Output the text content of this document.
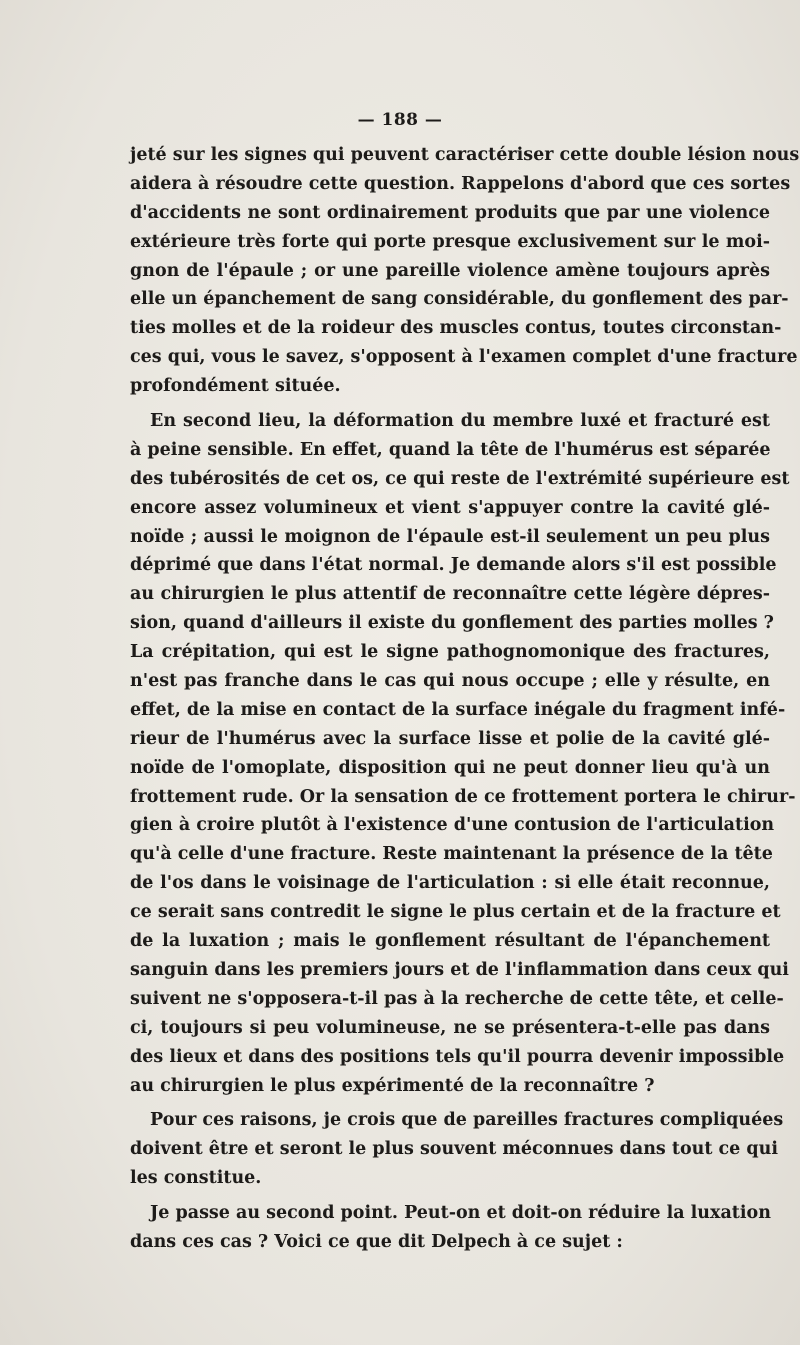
— 188 —
jeté sur les signes qui peuvent caractériser cette double lésion nous
aidera à résoudre cette question. Rappelons d'abord que ces sortes
d'accidents ne sont ordinairement produits que par une violence
extérieure très forte qui porte presque exclusivement sur le moi-
gnon de l'épaule ; or une pareille violence amène toujours après
elle un épanchement de sang considérable, du gonflement des par-
ties molles et de la roideur des muscles contus, toutes circonstan-
ces qui, vous le savez, s'opposent à l'examen complet d'une fracture
profondément située.
En second lieu, la déformation du membre luxé et fracturé est
à peine sensible. En effet, quand la tête de l'humérus est séparée
des tubérosités de cet os, ce qui reste de l'extrémité supérieure est
encore assez volumineux et vient s'appuyer contre la cavité glé-
noïde ; aussi le moignon de l'épaule est-il seulement un peu plus
déprimé que dans l'état normal. Je demande alors s'il est possible
au chirurgien le plus attentif de reconnaître cette légère dépres-
sion, quand d'ailleurs il existe du gonflement des parties molles ?
La crépitation, qui est le signe pathognomonique des fractures,
n'est pas franche dans le cas qui nous occupe ; elle y résulte, en
effet, de la mise en contact de la surface inégale du fragment infé-
rieur de l'humérus avec la surface lisse et polie de la cavité glé-
noïde de l'omoplate, disposition qui ne peut donner lieu qu'à un
frottement rude. Or la sensation de ce frottement portera le chirur-
gien à croire plutôt à l'existence d'une contusion de l'articulation
qu'à celle d'une fracture. Reste maintenant la présence de la tête
de l'os dans le voisinage de l'articulation : si elle était reconnue,
ce serait sans contredit le signe le plus certain et de la fracture et
de la luxation ; mais le gonflement résultant de l'épanchement
sanguin dans les premiers jours et de l'inflammation dans ceux qui
suivent ne s'opposera-t-il pas à la recherche de cette tête, et celle-
ci, toujours si peu volumineuse, ne se présentera-t-elle pas dans
des lieux et dans des positions tels qu'il pourra devenir impossible
au chirurgien le plus expérimenté de la reconnaître ?
Pour ces raisons, je crois que de pareilles fractures compliquées
doivent être et seront le plus souvent méconnues dans tout ce qui
les constitue.
Je passe au second point. Peut-on et doit-on réduire la luxation
dans ces cas ? Voici ce que dit Delpech à ce sujet :
